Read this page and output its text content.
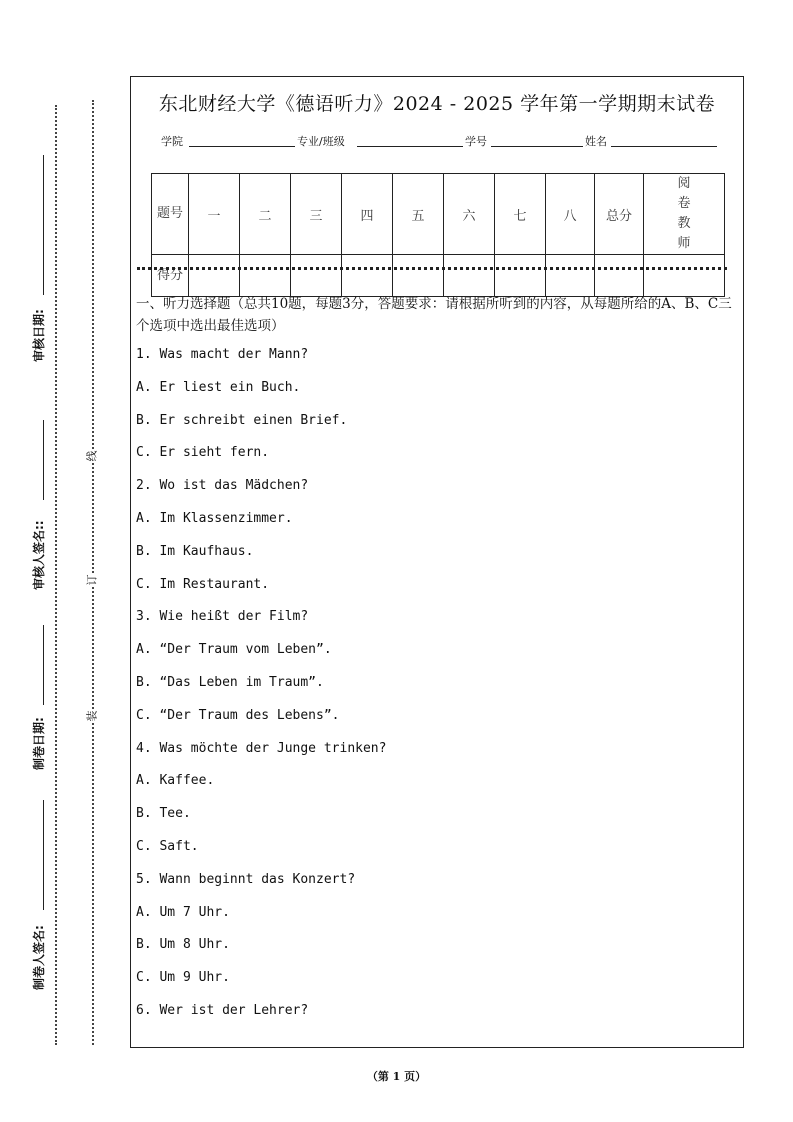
审核日期:
审核人签名::
制卷日期:
制卷人签名:
线
订
装
东北财经大学《德语听力》2024 - 2025 学年第一学期期末试卷
学院	专业/班级	学号	姓名
题号	一	二	三	四	五	六	七	八	总分	阅卷教师
得分										
一、听力选择题（总共10题，每题3分，答题要求：请根据所听到的内容，从每题所给的A、B、C三个选项中选出最佳选项）
1. Was macht der Mann?
A. Er liest ein Buch.
B. Er schreibt einen Brief.
C. Er sieht fern.
2. Wo ist das Mädchen?
A. Im Klassenzimmer.
B. Im Kaufhaus.
C. Im Restaurant.
3. Wie heißt der Film?
A. “Der Traum vom Leben”.
B. “Das Leben im Traum”.
C. “Der Traum des Lebens”.
4. Was möchte der Junge trinken?
A. Kaffee.
B. Tee.
C. Saft.
5. Wann beginnt das Konzert?
A. Um 7 Uhr.
B. Um 8 Uhr.
C. Um 9 Uhr.
6. Wer ist der Lehrer?
（第 1 页）
